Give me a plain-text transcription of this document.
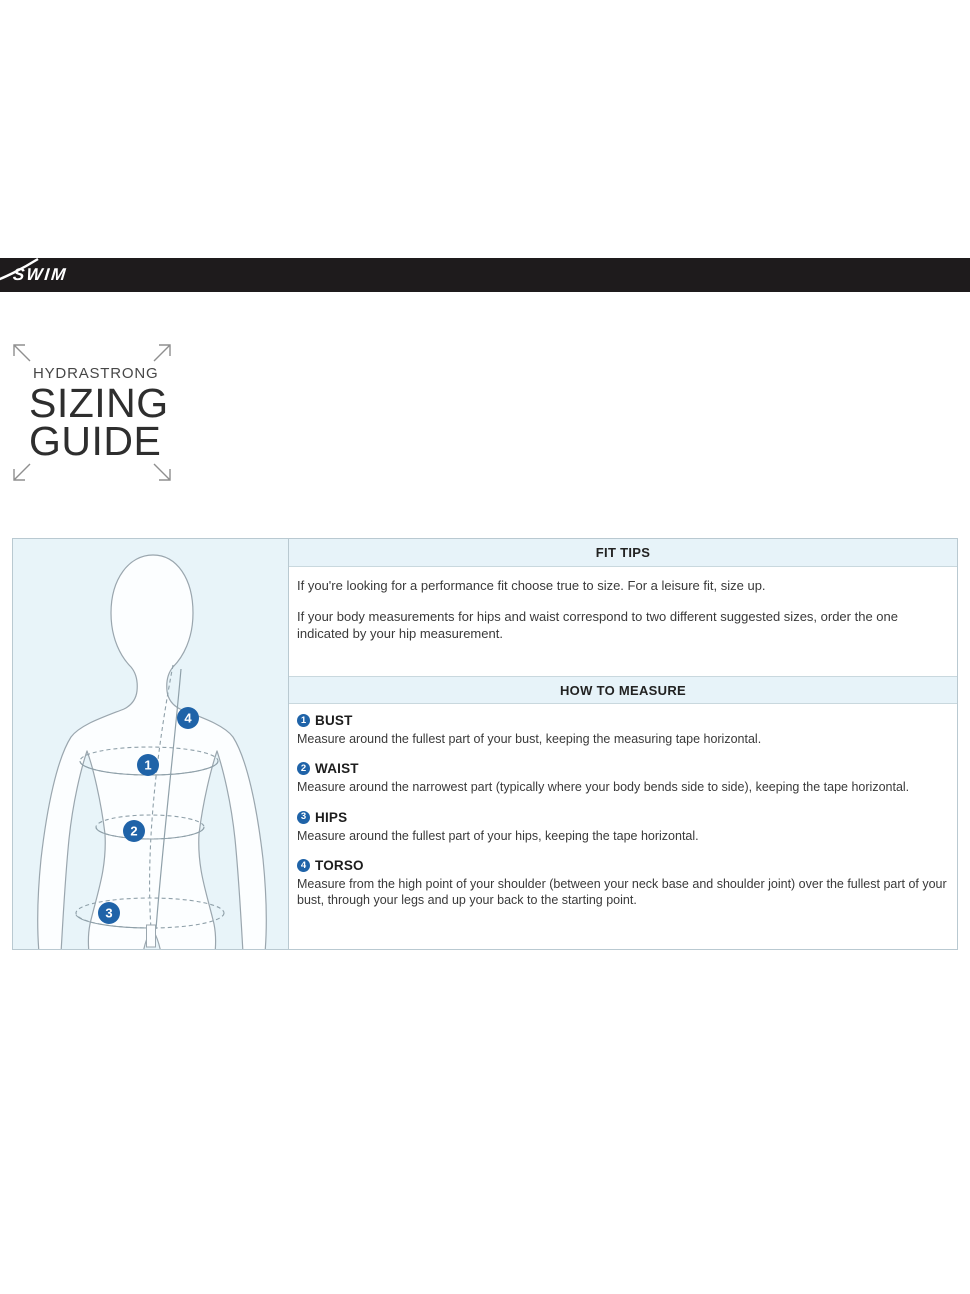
SWIM
HYDRASTRONG
SIZING
GUIDE
1
2
3
4
FIT TIPS

If you're looking for a performance fit choose true to size. For a leisure fit, size up.

If your body measurements for hips and waist correspond to two different suggested sizes, order the one indicated by your hip measurement.

HOW TO MEASURE
1 BUST

Measure around the fullest part of your bust, keeping the measuring tape horizontal.

2 WAIST

Measure around the narrowest part (typically where your body bends side to side), keeping the tape horizontal.

3 HIPS

Measure around the fullest part of your hips, keeping the tape horizontal.

4 TORSO

Measure from the high point of your shoulder (between your neck base and shoulder joint) over the fullest part of your bust, through your legs and up your back to the starting point.
